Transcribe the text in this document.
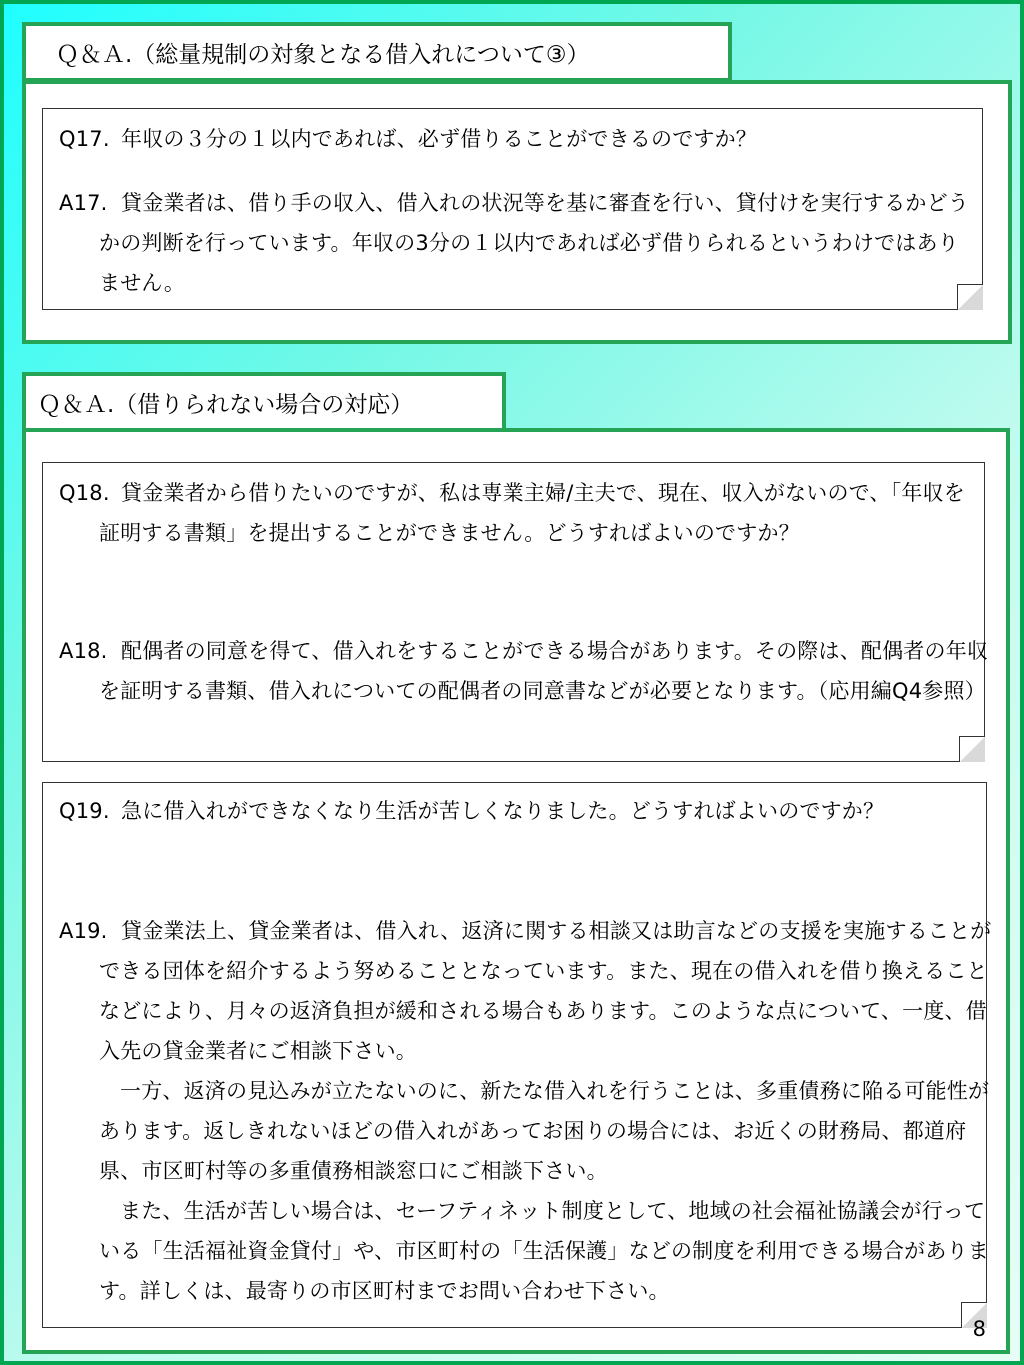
Ｑ＆Ａ.（総量規制の対象となる借入れについて③）

Q17. 年収の３分の１以内であれば、必ず借りることができるのですか？

A17. 貸金業者は、借り手の収入、借入れの状況等を基に審査を行い、貸付けを実行するかどうかの判断を行っています。年収の3分の１以内であれば必ず借りられるというわけではありません。

Ｑ＆Ａ.（借りられない場合の対応）

Q18. 貸金業者から借りたいのですが、私は専業主婦/主夫で、現在、収入がないので、「年収を証明する書類」を提出することができません。どうすればよいのですか？

A18. 配偶者の同意を得て、借入れをすることができる場合があります。その際は、配偶者の年収を証明する書類、借入れについての配偶者の同意書などが必要となります。（応用編Q4参照）

Q19. 急に借入れができなくなり生活が苦しくなりました。どうすればよいのですか？

A19. 貸金業法上、貸金業者は、借入れ、返済に関する相談又は助言などの支援を実施することができる団体を紹介するよう努めることとなっています。また、現在の借入れを借り換えることなどにより、月々の返済負担が緩和される場合もあります。このような点について、一度、借入先の貸金業者にご相談下さい。
一方、返済の見込みが立たないのに、新たな借入れを行うことは、多重債務に陥る可能性があります。返しきれないほどの借入れがあってお困りの場合には、お近くの財務局、都道府県、市区町村等の多重債務相談窓口にご相談下さい。
また、生活が苦しい場合は、セーフティネット制度として、地域の社会福祉協議会が行っている「生活福祉資金貸付」や、市区町村の「生活保護」などの制度を利用できる場合があります。詳しくは、最寄りの市区町村までお問い合わせ下さい。
8
